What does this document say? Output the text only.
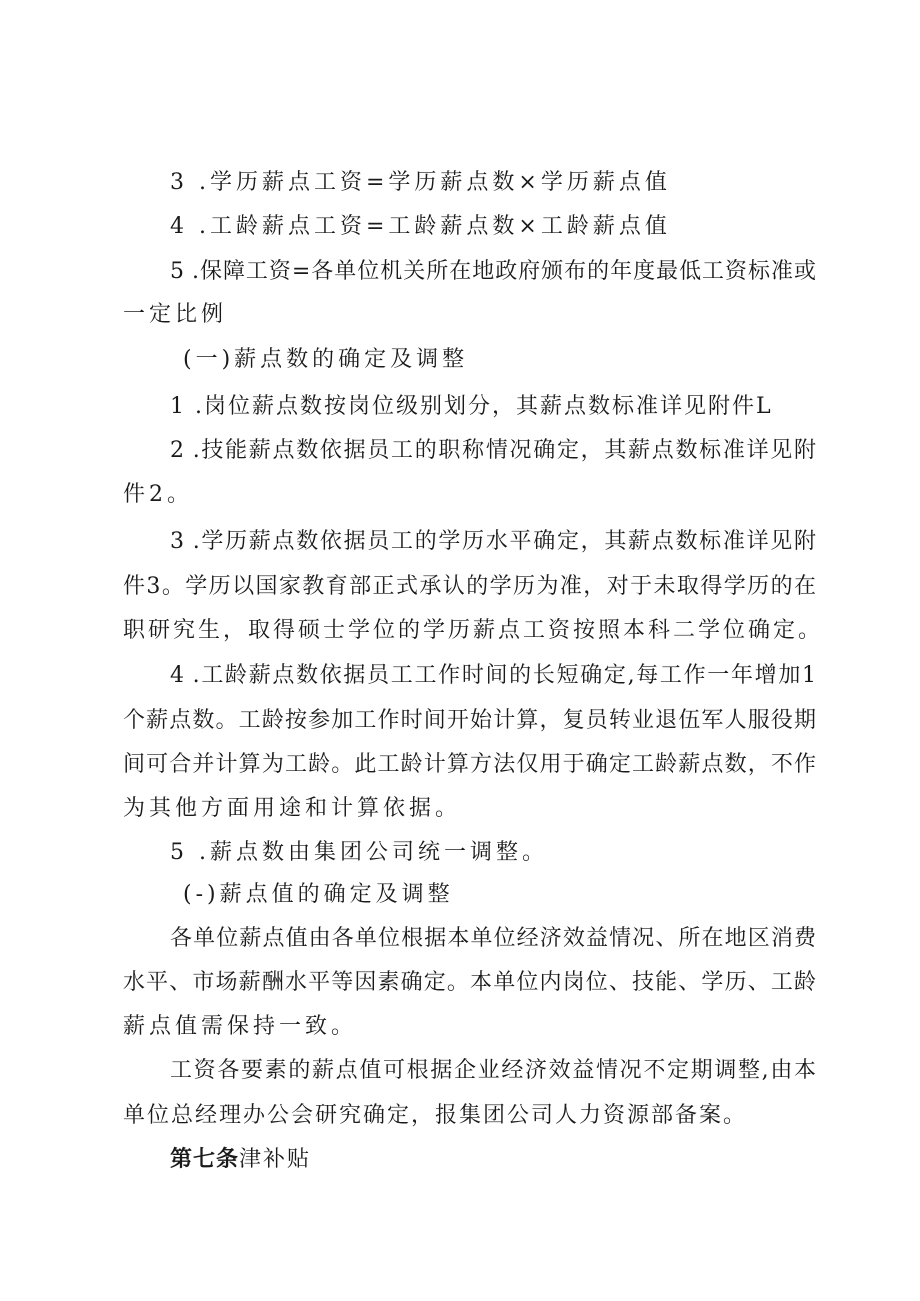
3 .学历薪点工资=学历薪点数×学历薪点值
4 .工龄薪点工资=工龄薪点数×工龄薪点值
5 .保障工资=各单位机关所在地政府颁布的年度最低工资标准或
一定比例
(一)薪点数的确定及调整
1 .岗位薪点数按岗位级别划分，其薪点数标准详见附件L
2 .技能薪点数依据员工的职称情况确定，其薪点数标准详见附
件2。
3 .学历薪点数依据员工的学历水平确定，其薪点数标准详见附
件3。学历以国家教育部正式承认的学历为准，对于未取得学历的在
职研究生，取得硕士学位的学历薪点工资按照本科二学位确定。
4 .工龄薪点数依据员工工作时间的长短确定,每工作一年增加1
个薪点数。工龄按参加工作时间开始计算，复员转业退伍军人服役期
间可合并计算为工龄。此工龄计算方法仅用于确定工龄薪点数，不作
为其他方面用途和计算依据。
5 .薪点数由集团公司统一调整。
(-)薪点值的确定及调整
各单位薪点值由各单位根据本单位经济效益情况、所在地区消费
水平、市场薪酬水平等因素确定。本单位内岗位、技能、学历、工龄
薪点值需保持一致。
工资各要素的薪点值可根据企业经济效益情况不定期调整,由本
单位总经理办公会研究确定，报集团公司人力资源部备案。
第七条津补贴
